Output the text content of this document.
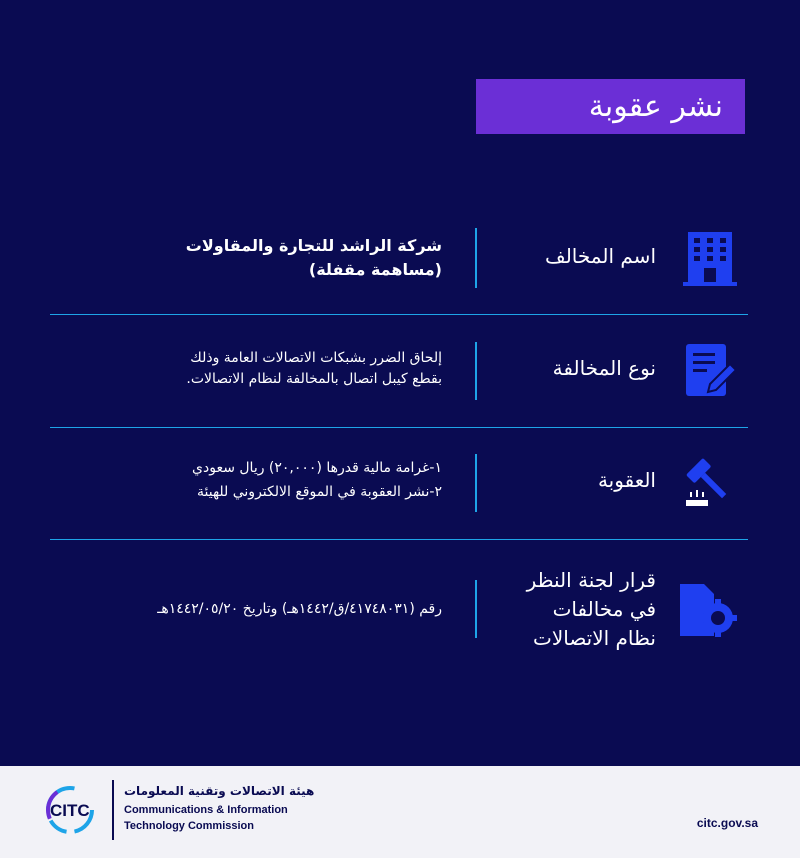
نشر عقوبة
اسم المخالف
شركة الراشد للتجارة والمقاولات
(مساهمة مقفلة)
نوع المخالفة
إلحاق الضرر بشبكات الاتصالات العامة وذلك
بقطع كيبل اتصال بالمخالفة لنظام الاتصالات.
العقوبة
١-غرامة مالية قدرها (٢٠,٠٠٠) ريال سعودي
٢-نشر العقوبة في الموقع الالكتروني للهيئة
قرار لجنة النظر
في مخالفات
نظام الاتصالات
رقم (٤١٧٤٨٠٣١/ق/١٤٤٢هـ) وتاريخ ١٤٤٢/٠٥/٢٠هـ
CITC
هيئة الاتصالات وتقنية المعلومات
Communications & Information
Technology Commission	citc.gov.sa
